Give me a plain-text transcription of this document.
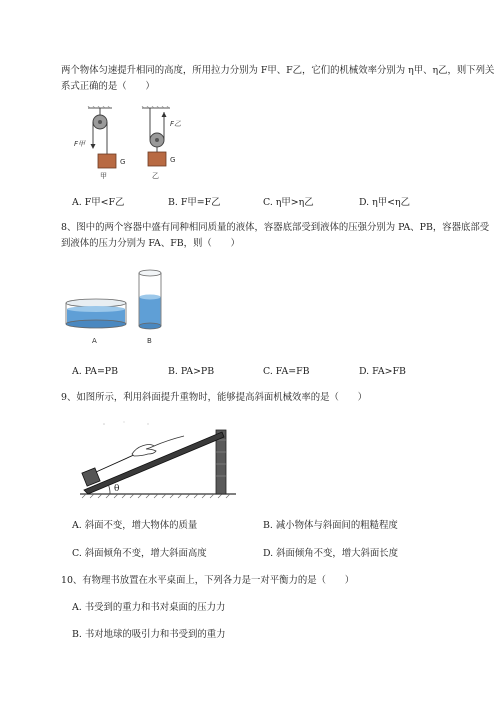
两个物体匀速提升相同的高度，所用拉力分别为 F甲、F乙，它们的机械效率分别为 η甲、η乙，则下列关
系式正确的是（　　）
F甲
G
甲
F乙
G
乙
A. F甲<F乙	B. F甲=F乙	C. η甲>η乙	D. η甲<η乙
8、图中的两个容器中盛有同种相同质量的液体，容器底部受到液体的压强分别为 PA、PB，容器底部受
到液体的压力分别为 FA、FB，则（　　）
A	B
A. PA=PB	B. PA>PB	C. FA=FB	D. FA>FB
9、如图所示，利用斜面提升重物时，能够提高斜面机械效率的是（　　）
θ
A. 斜面不变，增大物体的质量	B. 减小物体与斜面间的粗糙程度
C. 斜面倾角不变，增大斜面高度	D. 斜面倾角不变，增大斜面长度
10、有物理书放置在水平桌面上，下列各力是一对平衡力的是（　　）
A. 书受到的重力和书对桌面的压力力
B. 书对地球的吸引力和书受到的重力
